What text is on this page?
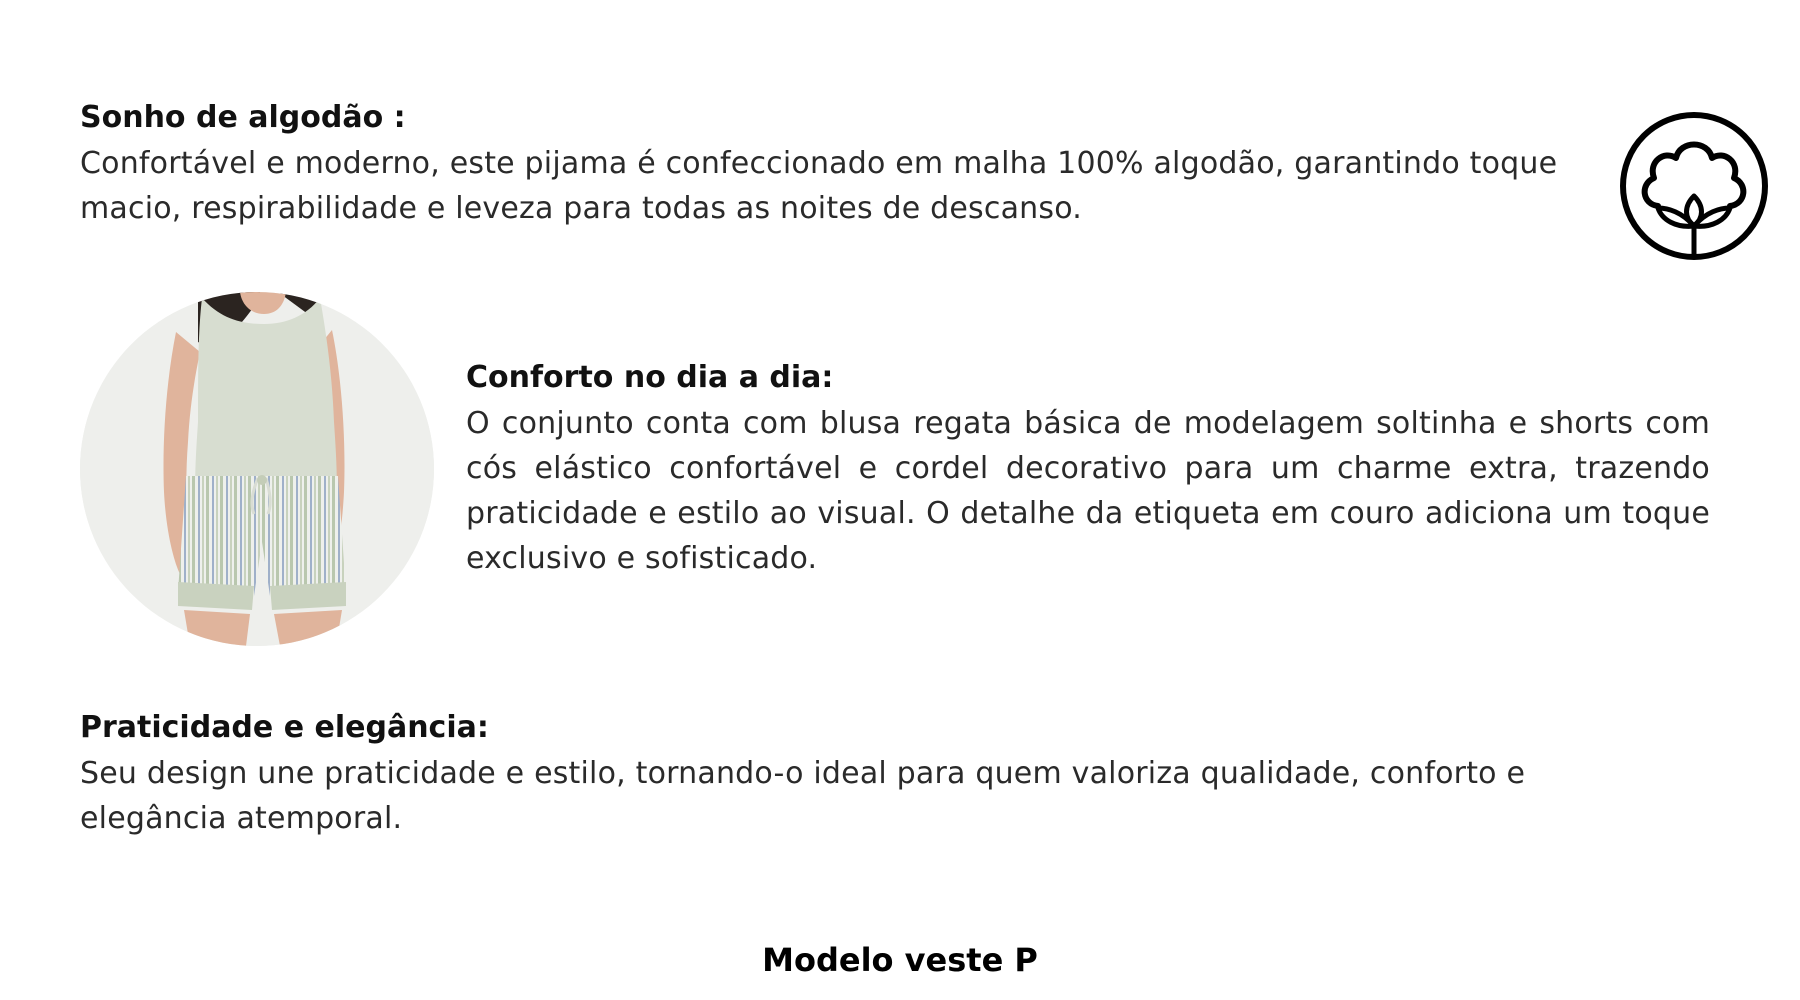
Sonho de algodão :

Confortável e moderno, este pijama é confeccionado em malha 100% algodão, garantindo toque macio, respirabilidade e leveza para todas as noites de descanso.

Conforto no dia a dia:

O conjunto conta com blusa regata básica de modelagem soltinha e shorts com cós elástico confortável e cordel decorativo para um charme extra, trazendo praticidade e estilo ao visual. O detalhe da etiqueta em couro adiciona um toque exclusivo e sofisticado.

Praticidade e elegância:

Seu design une praticidade e estilo, tornando-o ideal para quem valoriza qualidade, conforto e elegância atemporal.

Modelo veste P
